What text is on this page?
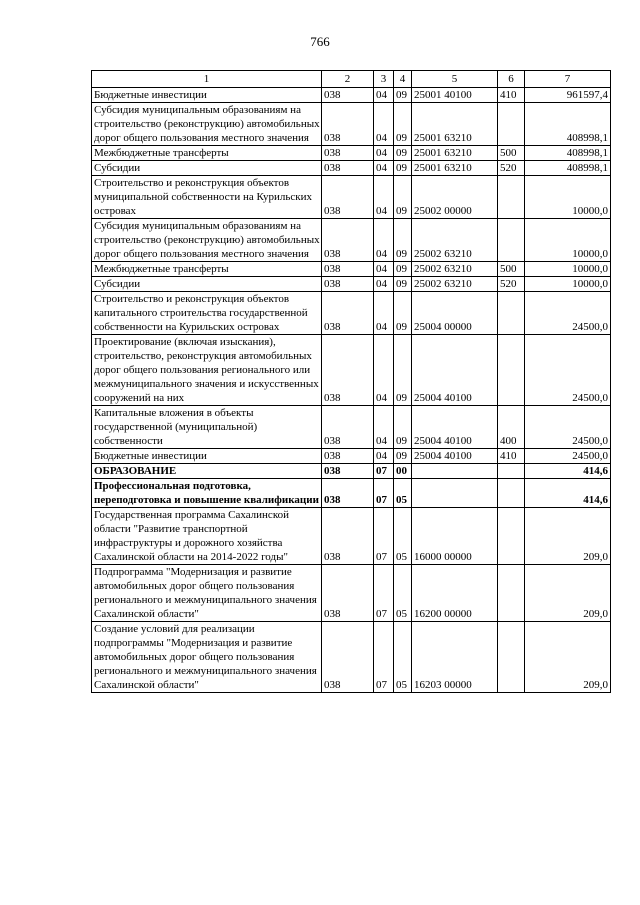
766
1	2	3	4	5	6	7
Бюджетные инвестиции	038	04	09	25001 40100	410	961597,4
Субсидия муниципальным образованиям на строительство (реконструкцию) автомобильных дорог общего пользования местного значения	038	04	09	25001 63210		408998,1
Межбюджетные трансферты	038	04	09	25001 63210	500	408998,1
Субсидии	038	04	09	25001 63210	520	408998,1
Строительство и реконструкция объектов муниципальной собственности на Курильских островах	038	04	09	25002 00000		10000,0
Субсидия муниципальным образованиям на строительство (реконструкцию) автомобильных дорог общего пользования местного значения	038	04	09	25002 63210		10000,0
Межбюджетные трансферты	038	04	09	25002 63210	500	10000,0
Субсидии	038	04	09	25002 63210	520	10000,0
Строительство и реконструкция объектов капитального строительства государственной собственности на Курильских островах	038	04	09	25004 00000		24500,0
Проектирование (включая изыскания), строительство, реконструкция автомобильных дорог общего пользования регионального или межмуниципального значения и искусственных сооружений на них	038	04	09	25004 40100		24500,0
Капитальные вложения в объекты государственной (муниципальной) собственности	038	04	09	25004 40100	400	24500,0
Бюджетные инвестиции	038	04	09	25004 40100	410	24500,0
ОБРАЗОВАНИЕ	038	07	00			414,6
Профессиональная подготовка, переподготовка и повышение квалификации	038	07	05			414,6
Государственная программа Сахалинской области "Развитие транспортной инфраструктуры и дорожного хозяйства Сахалинской области на 2014-2022 годы"	038	07	05	16000 00000		209,0
Подпрограмма "Модернизация и развитие автомобильных дорог общего пользования регионального и межмуниципального значения Сахалинской области"	038	07	05	16200 00000		209,0
Создание условий для реализации подпрограммы "Модернизация и развитие автомобильных дорог общего пользования регионального и межмуниципального значения Сахалинской области"	038	07	05	16203 00000		209,0
